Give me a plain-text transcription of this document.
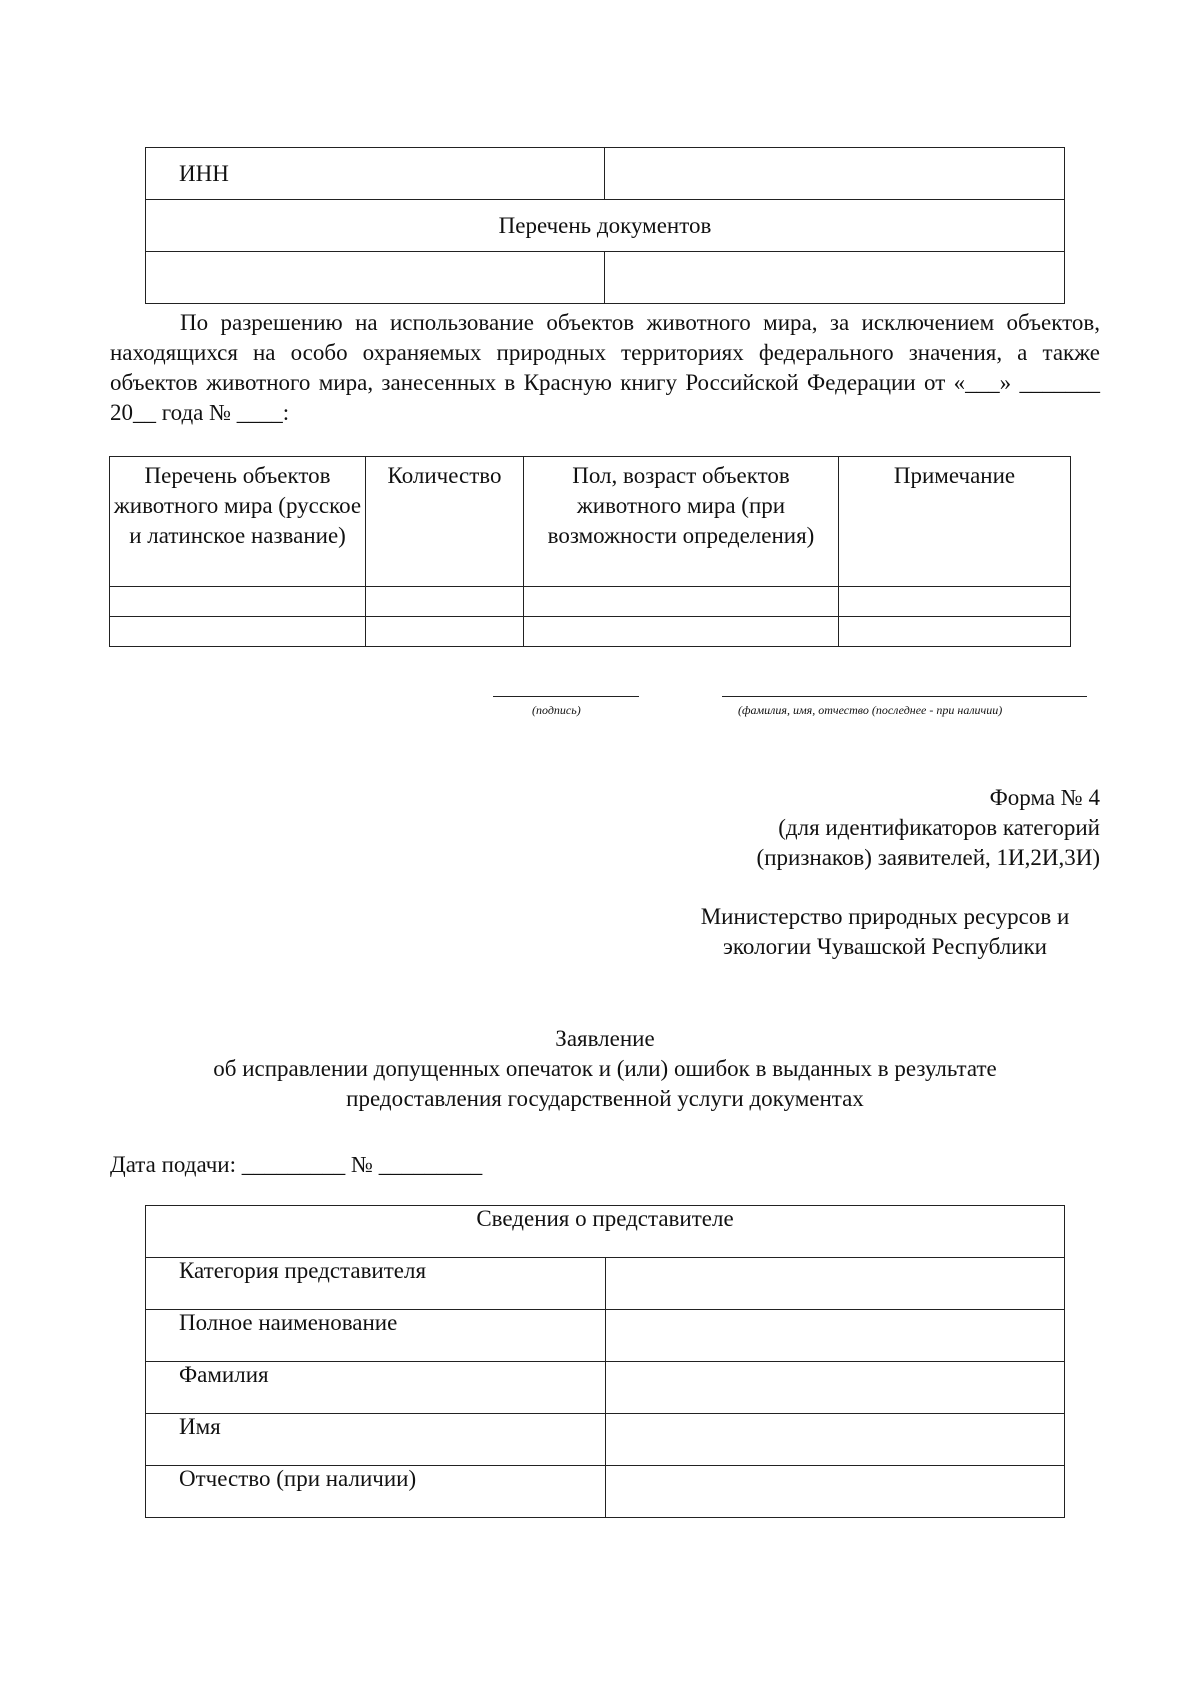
ИНН	
Перечень документов	

По разрешению на использование объектов животного мира, за исключением объектов, находящихся на особо охраняемых природных территориях федерального значения, а также объектов животного мира, занесенных в Красную книгу Российской Федерации от «___» _______ 20__ года № ____:
Перечень объектов животного мира (русское и латинское название)	Количество	Пол, возраст объектов животного мира (при возможности определения)	Примечание

(подпись)	(фамилия, имя, отчество (последнее - при наличии)
Форма № 4
(для идентификаторов категорий
(признаков) заявителей, 1И,2И,3И)
Министерство природных ресурсов и
экологии Чувашской Республики
Заявление
об исправлении допущенных опечаток и (или) ошибок в выданных в результате
предоставления государственной услуги документах
Дата подачи: _________ № _________
Сведения о представителе	
Категория представителя	
Полное наименование	
Фамилия	
Имя	
Отчество (при наличии)	
